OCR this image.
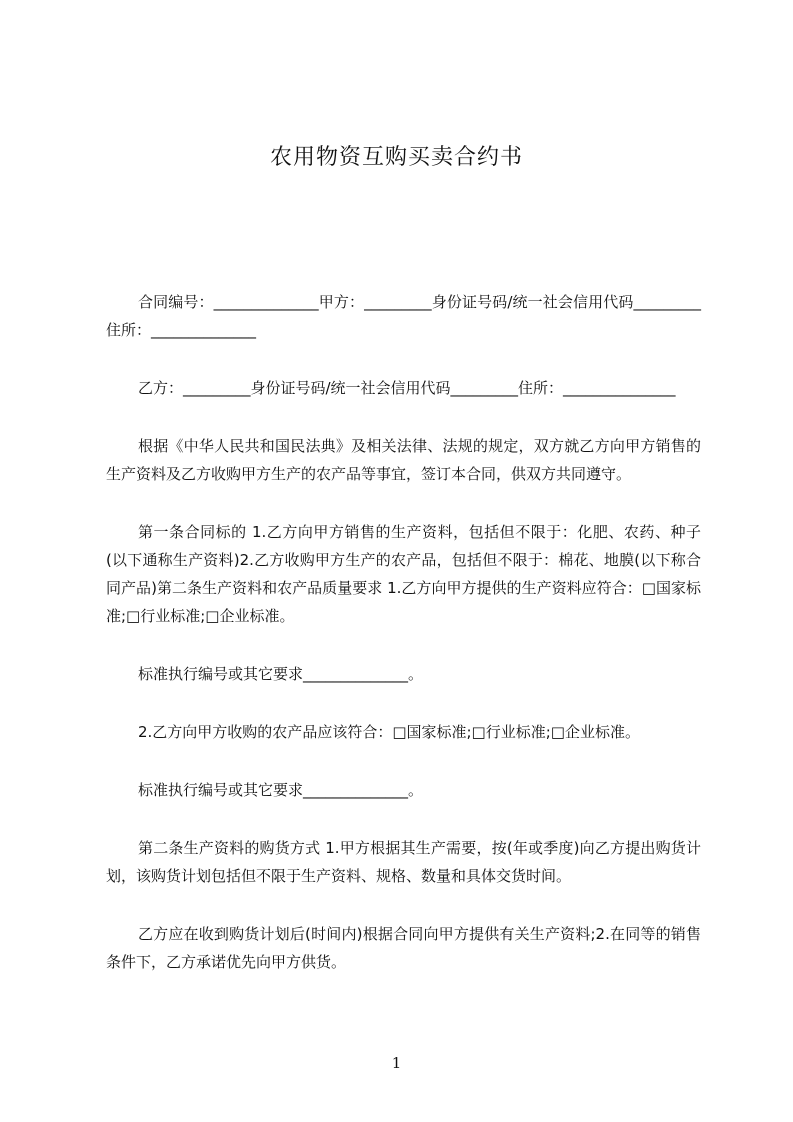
农用物资互购买卖合约书

合同编号：______________甲方：_________身份证号码/统一社会信用代码_________住所：______________

乙方：_________身份证号码/统一社会信用代码_________住所：_______________

根据《中华人民共和国民法典》及相关法律、法规的规定，双方就乙方向甲方销售的生产资料及乙方收购甲方生产的农产品等事宜，签订本合同，供双方共同遵守。

第一条合同标的 1.乙方向甲方销售的生产资料，包括但不限于：化肥、农药、种子(以下通称生产资料)2.乙方收购甲方生产的农产品，包括但不限于：棉花、地膜(以下称合同产品)第二条生产资料和农产品质量要求 1.乙方向甲方提供的生产资料应符合：□国家标准;□行业标准;□企业标准。

标准执行编号或其它要求______________。

2.乙方向甲方收购的农产品应该符合：□国家标准;□行业标准;□企业标准。

标准执行编号或其它要求______________。

第二条生产资料的购货方式 1.甲方根据其生产需要，按(年或季度)向乙方提出购货计划，该购货计划包括但不限于生产资料、规格、数量和具体交货时间。

乙方应在收到购货计划后(时间内)根据合同向甲方提供有关生产资料;2.在同等的销售条件下，乙方承诺优先向甲方供货。

1
